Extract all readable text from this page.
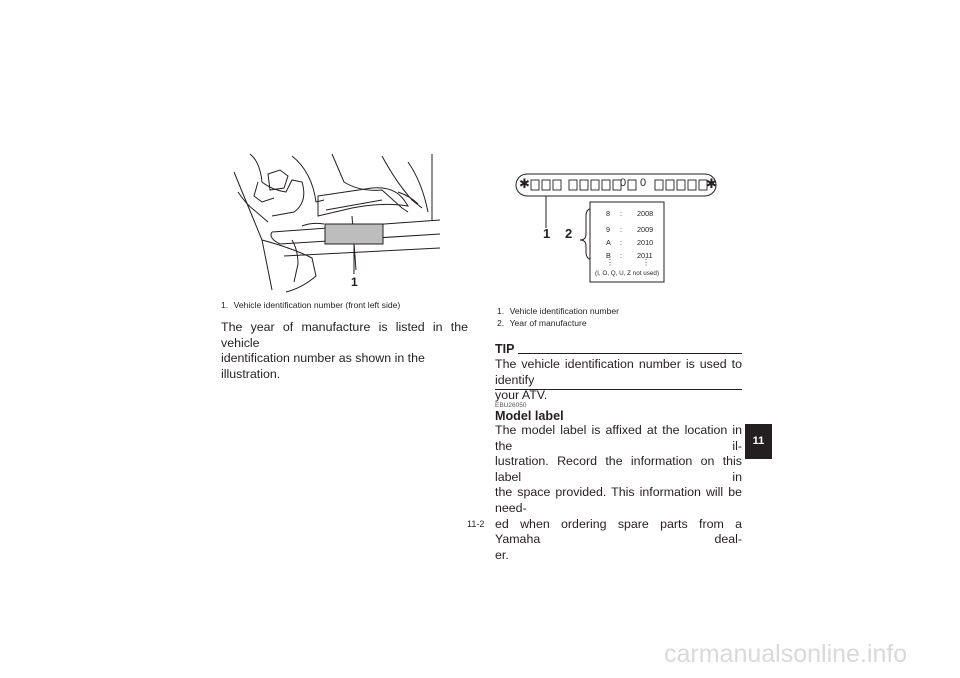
1
1. Vehicle identification number (front left side)
The year of manufacture is listed in the vehicle
identification number as shown in the illustration.
✱	✱
0 0
1 2
8 : 2008
9 : 2009
A : 2010
B : 2011
⋮	⋮
(I, O, Q, U, Z not used)
1. Vehicle identification number
2. Year of manufacture
TIP
The vehicle identification number is used to identify
your ATV.
EBU26050
Model label
The model label is affixed at the location in the il-
lustration. Record the information on this label in
the space provided. This information will be need-
ed when ordering spare parts from a Yamaha deal-
er.
11
11-2
carmanualsonline.info
